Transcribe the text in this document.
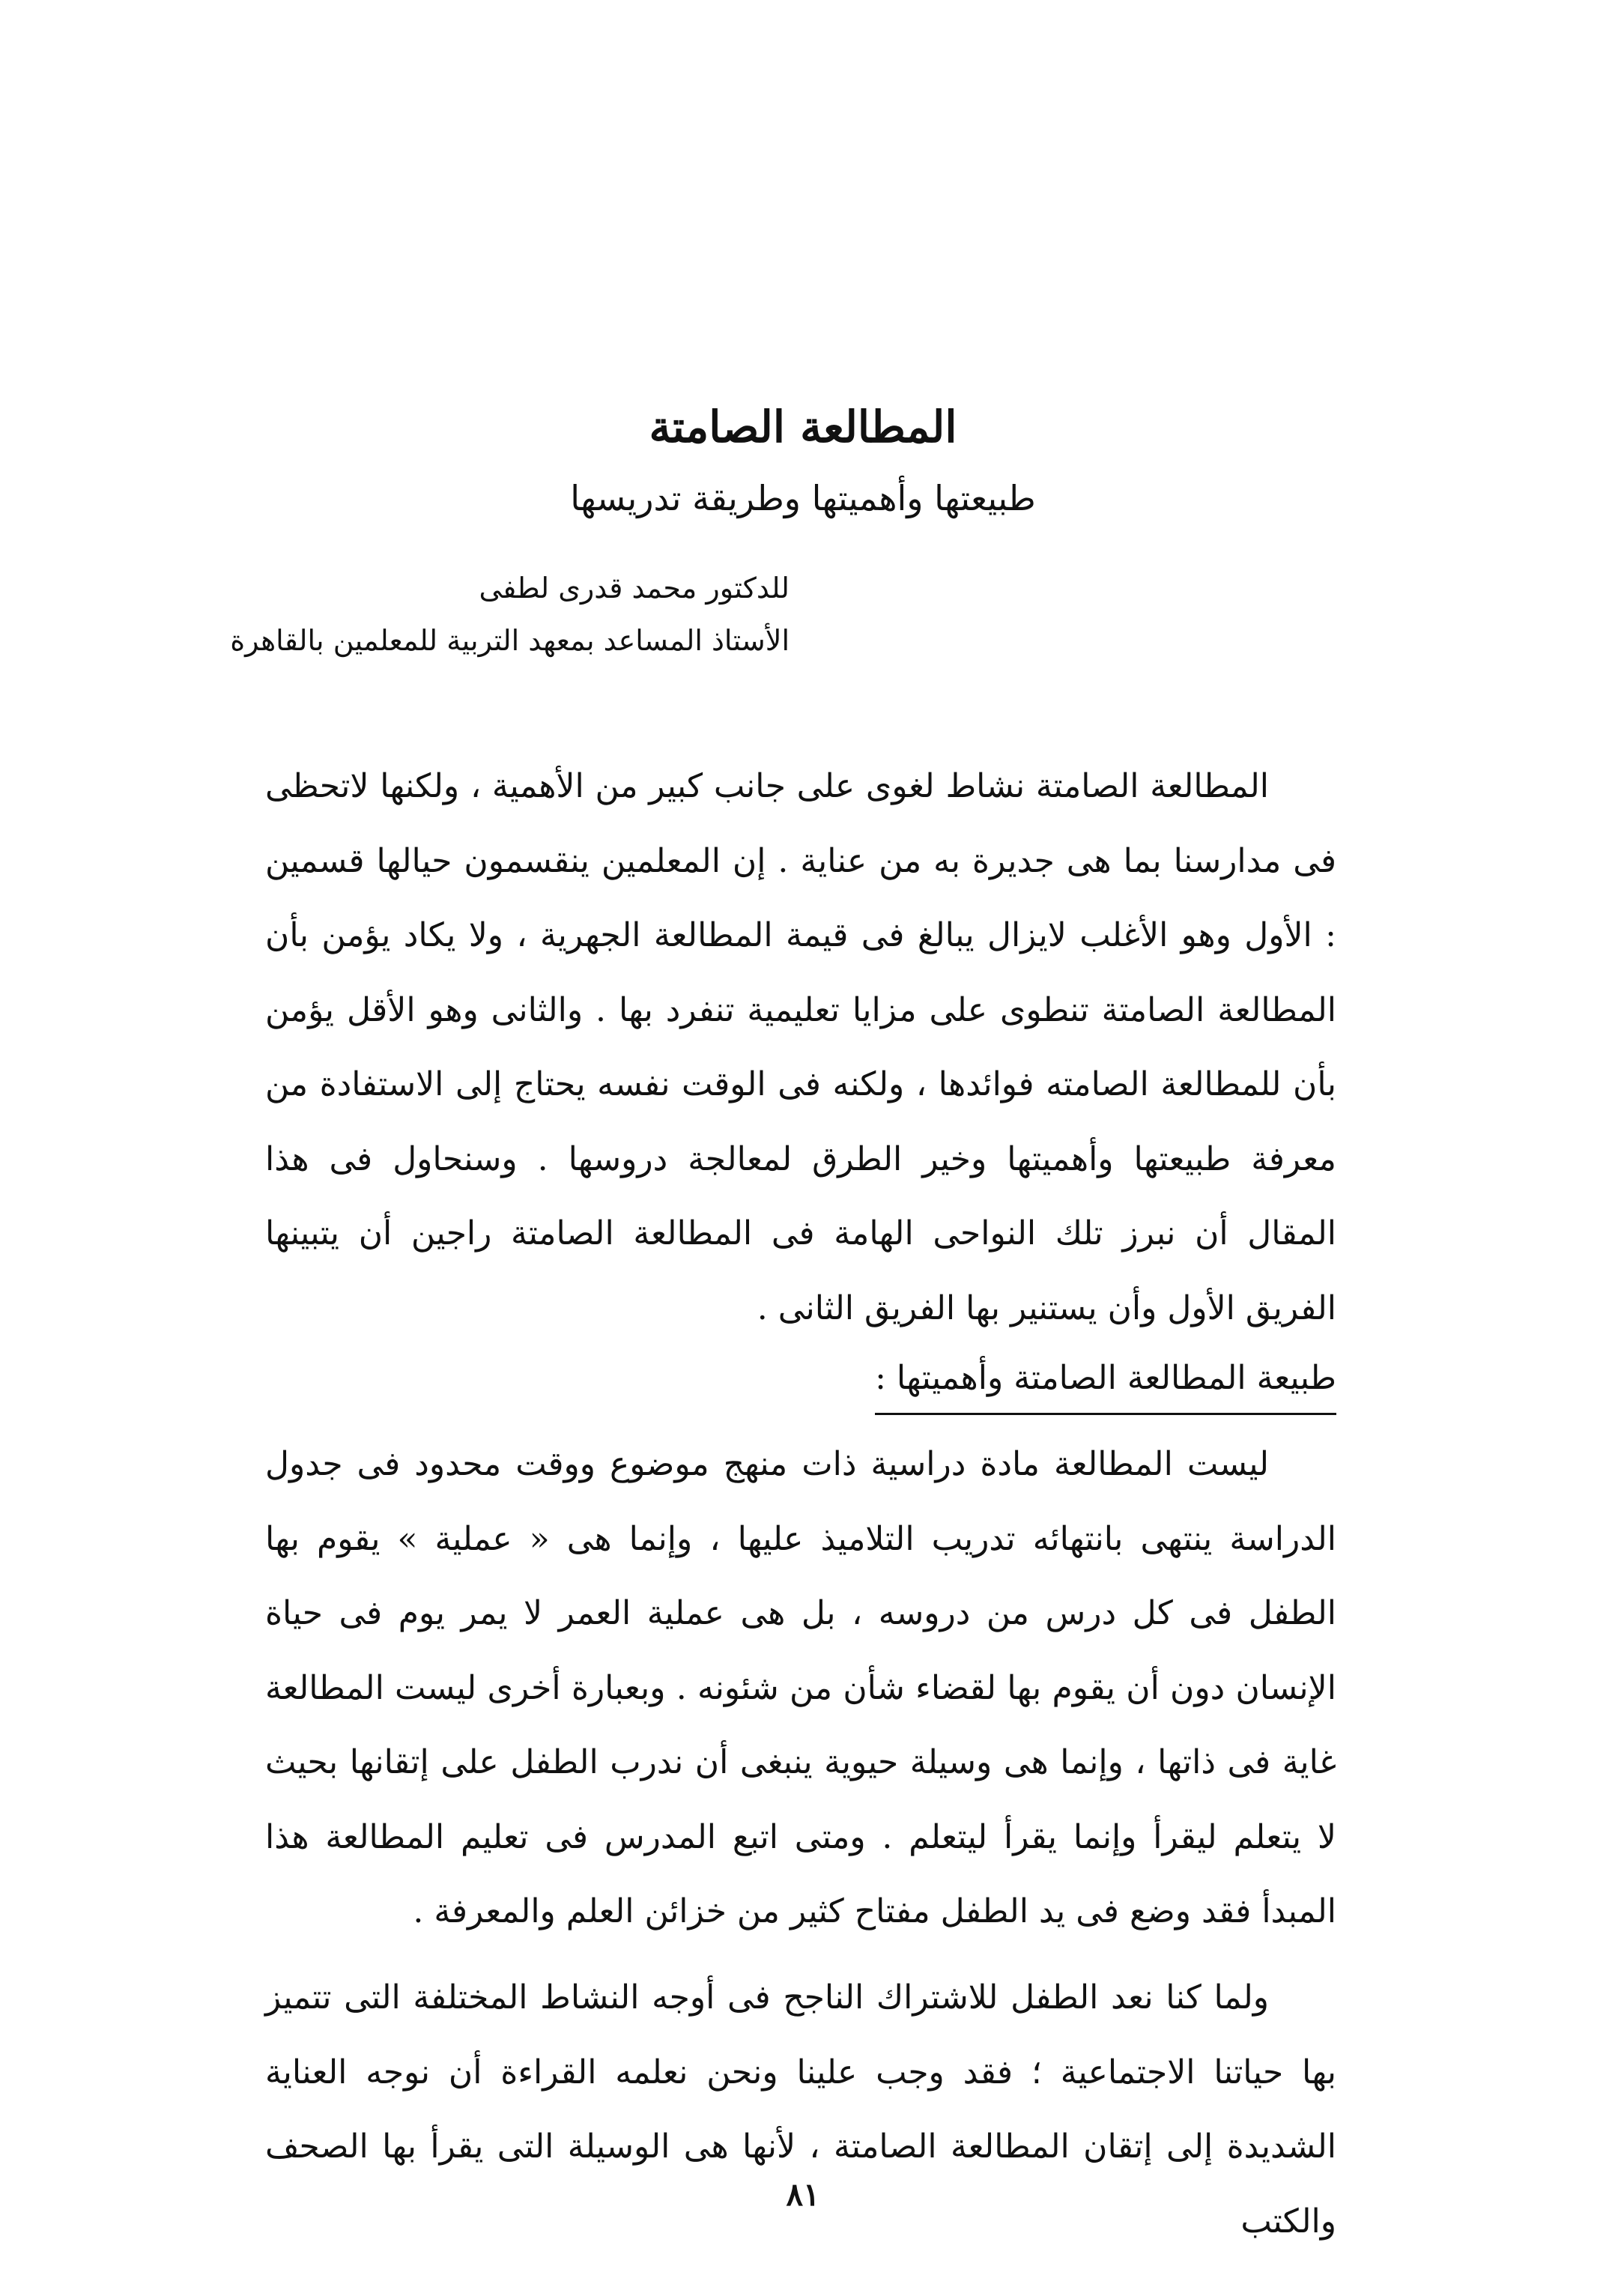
المطالعة الصامتة
طبيعتها وأهميتها وطريقة تدريسها
للدكتور محمد قدرى لطفى
الأستاذ المساعد بمعهد التربية للمعلمين بالقاهرة

المطالعة الصامتة نشاط لغوى على جانب كبير من الأهمية ، ولكنها لاتحظى فى مدارسنا بما هى جديرة به من عناية . إن المعلمين ينقسمون حيالها قسمين : الأول وهو الأغلب لايزال يبالغ فى قيمة المطالعة الجهرية ، ولا يكاد يؤمن بأن المطالعة الصامتة تنطوى على مزايا تعليمية تنفرد بها . والثانى وهو الأقل يؤمن بأن للمطالعة الصامته فوائدها ، ولكنه فى الوقت نفسه يحتاج إلى الاستفادة من معرفة طبيعتها وأهميتها وخير الطرق لمعالجة دروسها . وسنحاول فى هذا المقال أن نبرز تلك النواحى الهامة فى المطالعة الصامتة راجين أن يتبينها الفريق الأول وأن يستنير بها الفريق الثانى .

طبيعة المطالعة الصامتة وأهميتها :

ليست المطالعة مادة دراسية ذات منهج موضوع ووقت محدود فى جدول الدراسة ينتهى بانتهائه تدريب التلاميذ عليها ، وإنما هى « عملية » يقوم بها الطفل فى كل درس من دروسه ، بل هى عملية العمر لا يمر يوم فى حياة الإنسان دون أن يقوم بها لقضاء شأن من شئونه . وبعبارة أخرى ليست المطالعة غاية فى ذاتها ، وإنما هى وسيلة حيوية ينبغى أن ندرب الطفل على إتقانها بحيث لا يتعلم ليقرأ وإنما يقرأ ليتعلم . ومتى اتبع المدرس فى تعليم المطالعة هذا المبدأ فقد وضع فى يد الطفل مفتاح كثير من خزائن العلم والمعرفة .

ولما كنا نعد الطفل للاشتراك الناجح فى أوجه النشاط المختلفة التى تتميز بها حياتنا الاجتماعية ؛ فقد وجب علينا ونحن نعلمه القراءة أن نوجه العناية الشديدة إلى إتقان المطالعة الصامتة ، لأنها هى الوسيلة التى يقرأ بها الصحف والكتب

٨١
